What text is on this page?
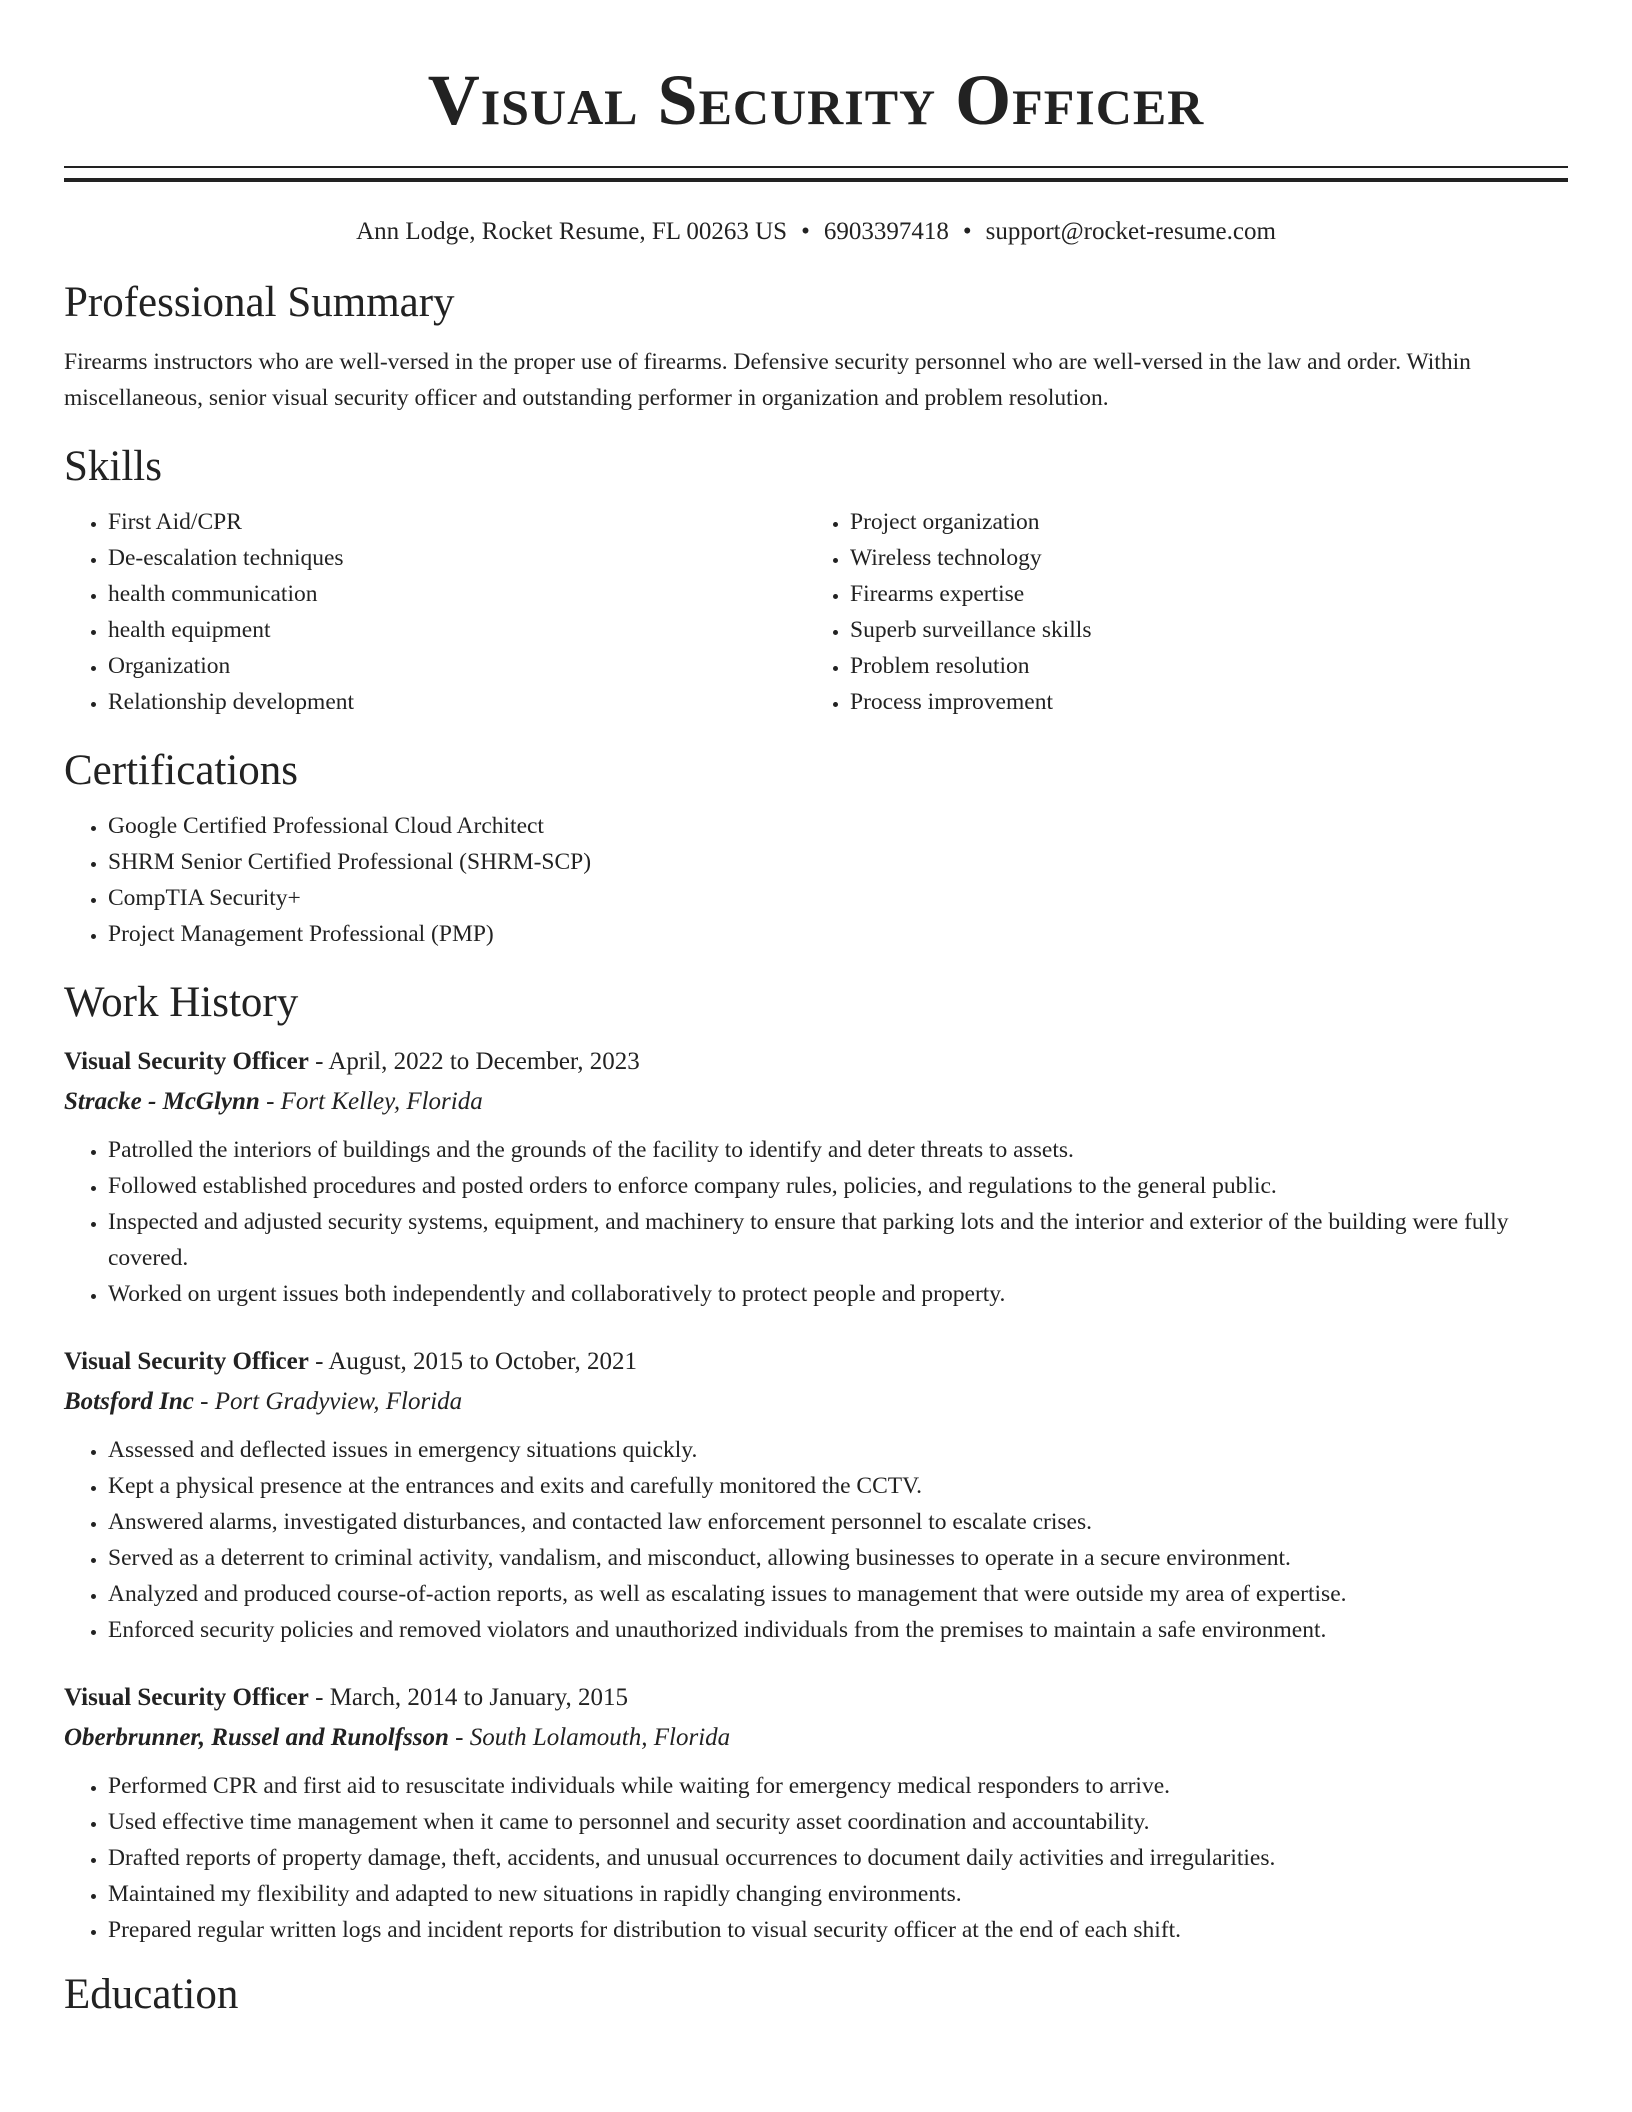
Visual Security Officer
Ann Lodge, Rocket Resume, FL 00263 US • 6903397418 • support@rocket-resume.com
Professional Summary

Firearms instructors who are well-versed in the proper use of firearms. Defensive security personnel who are well-versed in the law and order. Within miscellaneous, senior visual security officer and outstanding performer in organization and problem resolution.

Skills
• First Aid/CPR
• De-escalation techniques
• health communication
• health equipment
• Organization
• Relationship development
• Project organization
• Wireless technology
• Firearms expertise
• Superb surveillance skills
• Problem resolution
• Process improvement
Certifications
• Google Certified Professional Cloud Architect
• SHRM Senior Certified Professional (SHRM-SCP)
• CompTIA Security+
• Project Management Professional (PMP)
Work History
Visual Security Officer - April, 2022 to December, 2023
Stracke - McGlynn - Fort Kelley, Florida
• Patrolled the interiors of buildings and the grounds of the facility to identify and deter threats to assets.
• Followed established procedures and posted orders to enforce company rules, policies, and regulations to the general public.
• Inspected and adjusted security systems, equipment, and machinery to ensure that parking lots and the interior and exterior of the building were fully covered.
• Worked on urgent issues both independently and collaboratively to protect people and property.
Visual Security Officer - August, 2015 to October, 2021
Botsford Inc - Port Gradyview, Florida
• Assessed and deflected issues in emergency situations quickly.
• Kept a physical presence at the entrances and exits and carefully monitored the CCTV.
• Answered alarms, investigated disturbances, and contacted law enforcement personnel to escalate crises.
• Served as a deterrent to criminal activity, vandalism, and misconduct, allowing businesses to operate in a secure environment.
• Analyzed and produced course-of-action reports, as well as escalating issues to management that were outside my area of expertise.
• Enforced security policies and removed violators and unauthorized individuals from the premises to maintain a safe environment.
Visual Security Officer - March, 2014 to January, 2015
Oberbrunner, Russel and Runolfsson - South Lolamouth, Florida
• Performed CPR and first aid to resuscitate individuals while waiting for emergency medical responders to arrive.
• Used effective time management when it came to personnel and security asset coordination and accountability.
• Drafted reports of property damage, theft, accidents, and unusual occurrences to document daily activities and irregularities.
• Maintained my flexibility and adapted to new situations in rapidly changing environments.
• Prepared regular written logs and incident reports for distribution to visual security officer at the end of each shift.
Education
